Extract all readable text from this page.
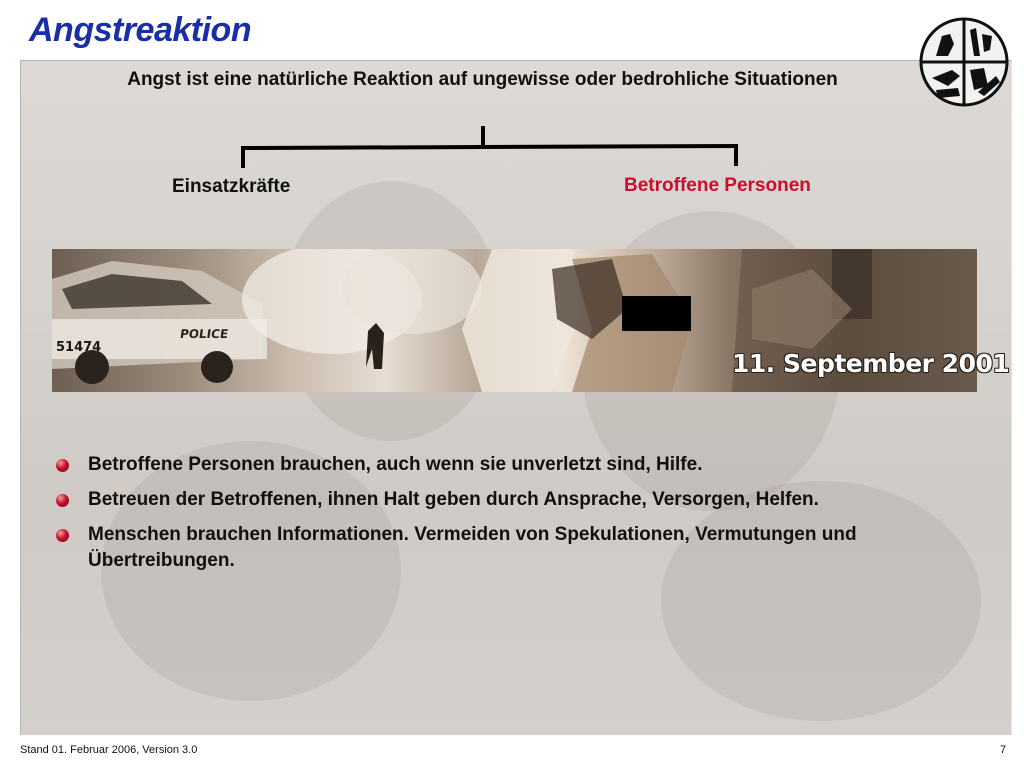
Angstreaktion
Angst ist eine natürliche Reaktion auf ungewisse oder bedrohliche Situationen
Einsatzkräfte	Betroffene Personen
POLICE
51474
11. September 2001
Betroffene Personen brauchen, auch wenn sie unverletzt sind, Hilfe.
Betreuen der Betroffenen, ihnen Halt geben durch Ansprache, Versorgen, Helfen.
Menschen brauchen Informationen. Vermeiden von Spekulationen, Vermutungen und Übertreibungen.
Stand 01. Februar 2006, Version 3.0	7
